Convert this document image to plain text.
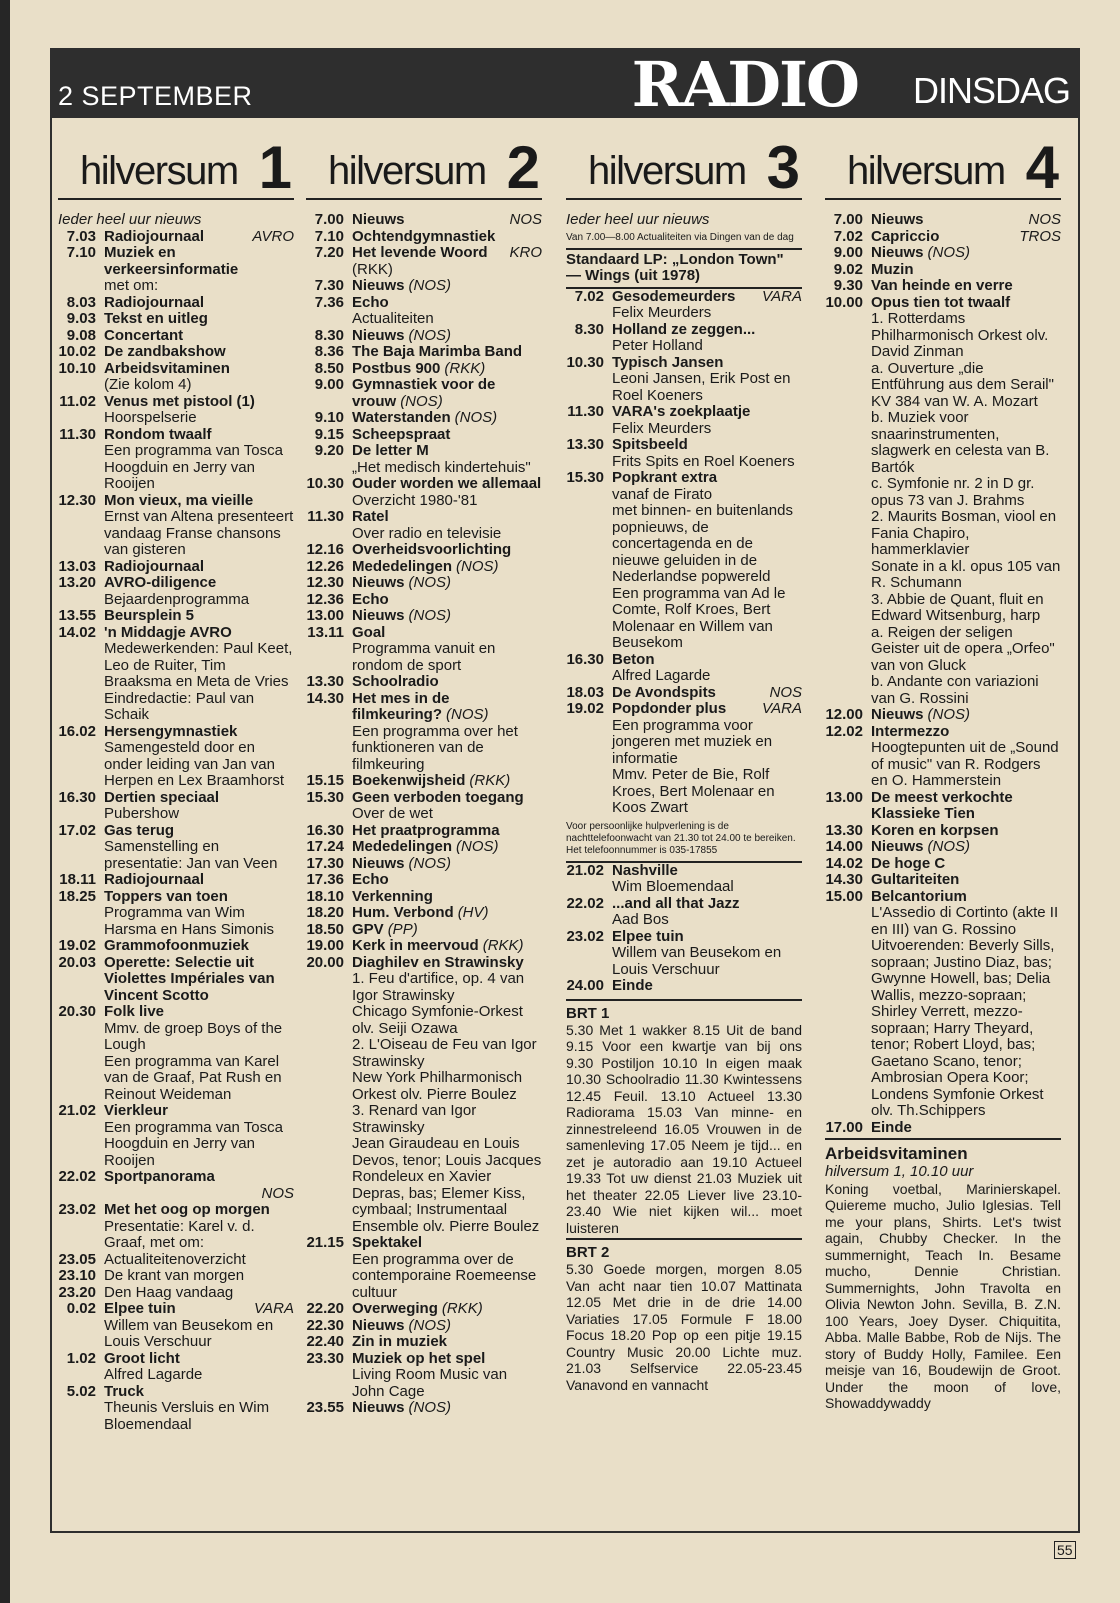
2 SEPTEMBER	RADIO DINSDAG
hilversum 1
Ieder heel uur nieuws
7.03 Radiojournaal	AVRO
7.10 Muziek en verkeersinformatie
met om:
8.03 Radiojournaal
9.03 Tekst en uitleg
9.08 Concertant
10.02 De zandbakshow
10.10 Arbeidsvitaminen
(Zie kolom 4)
11.02 Venus met pistool (1)
Hoorspelserie
11.30 Rondom twaalf
Een programma van Tosca Hoogduin en Jerry van Rooijen
12.30 Mon vieux, ma vieille
Ernst van Altena presenteert vandaag Franse chansons van gisteren
13.03 Radiojournaal
13.20 AVRO-diligence
Bejaardenprogramma
13.55 Beursplein 5
14.02 'n Middagje AVRO
Medewerkenden: Paul Keet, Leo de Ruiter, Tim Braaksma en Meta de Vries
Eindredactie: Paul van Schaik
16.02 Hersengymnastiek
Samengesteld door en onder leiding van Jan van Herpen en Lex Braamhorst
16.30 Dertien speciaal
Pubershow
17.02 Gas terug
Samenstelling en presentatie: Jan van Veen
18.11 Radiojournaal
18.25 Toppers van toen
Programma van Wim Harsma en Hans Simonis
19.02 Grammofoonmuziek
20.03 Operette: Selectie uit Violettes Impériales van Vincent Scotto
20.30 Folk live
Mmv. de groep Boys of the Lough
Een programma van Karel van de Graaf, Pat Rush en Reinout Weideman
21.02 Vierkleur
Een programma van Tosca Hoogduin en Jerry van Rooijen
22.02 Sportpanorama
NOS
23.02 Met het oog op morgen
Presentatie: Karel v. d. Graaf, met om:
23.05 Actualiteitenoverzicht
23.10 De krant van morgen
23.20 Den Haag vandaag
0.02 Elpee tuin	VARA
Willem van Beusekom en Louis Verschuur
1.02 Groot licht
Alfred Lagarde
5.02 Truck
Theunis Versluis en Wim Bloemendaal
hilversum 2
7.00 Nieuws	NOS
7.10 Ochtendgymnastiek
7.20 Het levende Woord KRO
(RKK)
7.30 Nieuws (NOS)
7.36 Echo
Actualiteiten
8.30 Nieuws (NOS)
8.36 The Baja Marimba Band
8.50 Postbus 900 (RKK)
9.00 Gymnastiek voor de vrouw (NOS)
9.10 Waterstanden (NOS)
9.15 Scheepspraat
9.20 De letter M
„Het medisch kindertehuis"
10.30 Ouder worden we allemaal
Overzicht 1980-'81
11.30 Ratel
Over radio en televisie
12.16 Overheidsvoorlichting
12.26 Mededelingen (NOS)
12.30 Nieuws (NOS)
12.36 Echo
13.00 Nieuws (NOS)
13.11 Goal
Programma vanuit en rondom de sport
13.30 Schoolradio
14.30 Het mes in de filmkeuring? (NOS)
Een programma over het funktioneren van de filmkeuring
15.15 Boekenwijsheid (RKK)
15.30 Geen verboden toegang
Over de wet
16.30 Het praatprogramma
17.24 Mededelingen (NOS)
17.30 Nieuws (NOS)
17.36 Echo
18.10 Verkenning
18.20 Hum. Verbond (HV)
18.50 GPV (PP)
19.00 Kerk in meervoud (RKK)
20.00 Diaghilev en Strawinsky
1. Feu d'artifice, op. 4 van Igor Strawinsky
Chicago Symfonie-Orkest olv. Seiji Ozawa
2. L'Oiseau de Feu van Igor Strawinsky
New York Philharmonisch Orkest olv. Pierre Boulez
3. Renard van Igor Strawinsky
Jean Giraudeau en Louis Devos, tenor; Louis Jacques Rondeleux en Xavier Depras, bas; Elemer Kiss, cymbaal; Instrumentaal Ensemble olv. Pierre Boulez
21.15 Spektakel
Een programma over de contemporaine Roemeense cultuur
22.20 Overweging (RKK)
22.30 Nieuws (NOS)
22.40 Zin in muziek
23.30 Muziek op het spel
Living Room Music van John Cage
23.55 Nieuws (NOS)
hilversum 3
Ieder heel uur nieuws
Van 7.00—8.00 Actualiteiten via Dingen van de dag
Standaard LP: „London Town" — Wings (uit 1978)
7.02 Gesodemeurders VARA
Felix Meurders
8.30 Holland ze zeggen...
Peter Holland
10.30 Typisch Jansen
Leoni Jansen, Erik Post en Roel Koeners
11.30 VARA's zoekplaatje
Felix Meurders
13.30 Spitsbeeld
Frits Spits en Roel Koeners
15.30 Popkrant extra
vanaf de Firato
met binnen- en buitenlands popnieuws, de concertagenda en de nieuwe geluiden in de Nederlandse popwereld
Een programma van Ad le Comte, Rolf Kroes, Bert Molenaar en Willem van Beusekom
16.30 Beton
Alfred Lagarde
18.03 De Avondspits	NOS
19.02 Popdonder plus VARA
Een programma voor jongeren met muziek en informatie
Mmv. Peter de Bie, Rolf Kroes, Bert Molenaar en Koos Zwart
Voor persoonlijke hulpverlening is de nachttelefoonwacht van 21.30 tot 24.00 te bereiken. Het telefoonnummer is 035-17855
21.02 Nashville
Wim Bloemendaal
22.02 ...and all that Jazz
Aad Bos
23.02 Elpee tuin
Willem van Beusekom en Louis Verschuur
24.00 Einde
BRT 1
5.30 Met 1 wakker 8.15 Uit de band 9.15 Voor een kwartje van bij ons 9.30 Postiljon 10.10 In eigen maak 10.30 Schoolradio 11.30 Kwintessens 12.45 Feuil. 13.10 Actueel 13.30 Radiorama 15.03 Van minne- en zinnestreleend 16.05 Vrouwen in de samenleving 17.05 Neem je tijd... en zet je autoradio aan 19.10 Actueel 19.33 Tot uw dienst 21.03 Muziek uit het theater 22.05 Liever live 23.10-23.40 Wie niet kijken wil... moet luisteren
BRT 2
5.30 Goede morgen, morgen 8.05 Van acht naar tien 10.07 Mattinata 12.05 Met drie in de drie 14.00 Variaties 17.05 Formule F 18.00 Focus 18.20 Pop op een pitje 19.15 Country Music 20.00 Lichte muz. 21.03 Selfservice 22.05-23.45 Vanavond en vannacht
hilversum 4
7.00 Nieuws	NOS
7.02 Capriccio	TROS
9.00 Nieuws (NOS)
9.02 Muzin
9.30 Van heinde en verre
10.00 Opus tien tot twaalf
1. Rotterdams Philharmonisch Orkest olv. David Zinman
a. Ouverture „die Entführung aus dem Serail" KV 384 van W. A. Mozart
b. Muziek voor snaarinstrumenten, slagwerk en celesta van B. Bartók
c. Symfonie nr. 2 in D gr. opus 73 van J. Brahms
2. Maurits Bosman, viool en Fania Chapiro, hammerklavier
Sonate in a kl. opus 105 van R. Schumann
3. Abbie de Quant, fluit en Edward Witsenburg, harp
a. Reigen der seligen Geister uit de opera „Orfeo" van von Gluck
b. Andante con variazioni van G. Rossini
12.00 Nieuws (NOS)
12.02 Intermezzo
Hoogtepunten uit de „Sound of music" van R. Rodgers en O. Hammerstein
13.00 De meest verkochte Klassieke Tien
13.30 Koren en korpsen
14.00 Nieuws (NOS)
14.02 De hoge C
14.30 Gultariteiten
15.00 Belcantorium
L'Assedio di Cortinto (akte II en III) van G. Rossino
Uitvoerenden: Beverly Sills, sopraan; Justino Diaz, bas; Gwynne Howell, bas; Delia Wallis, mezzo-sopraan; Shirley Verrett, mezzo-sopraan; Harry Theyard, tenor; Robert Lloyd, bas; Gaetano Scano, tenor; Ambrosian Opera Koor; Londens Symfonie Orkest olv. Th.Schippers
17.00 Einde
Arbeidsvitaminen
hilversum 1, 10.10 uur
Koning voetbal, Marinierskapel. Quiereme mucho, Julio Iglesias. Tell me your plans, Shirts. Let's twist again, Chubby Checker. In the summernight, Teach In. Besame mucho, Dennie Christian. Summernights, John Travolta en Olivia Newton John. Sevilla, B. Z.N. 100 Years, Joey Dyser. Chiquitita, Abba. Malle Babbe, Rob de Nijs. The story of Buddy Holly, Familee. Een meisje van 16, Boudewijn de Groot. Under the moon of love, Showaddywaddy
55
